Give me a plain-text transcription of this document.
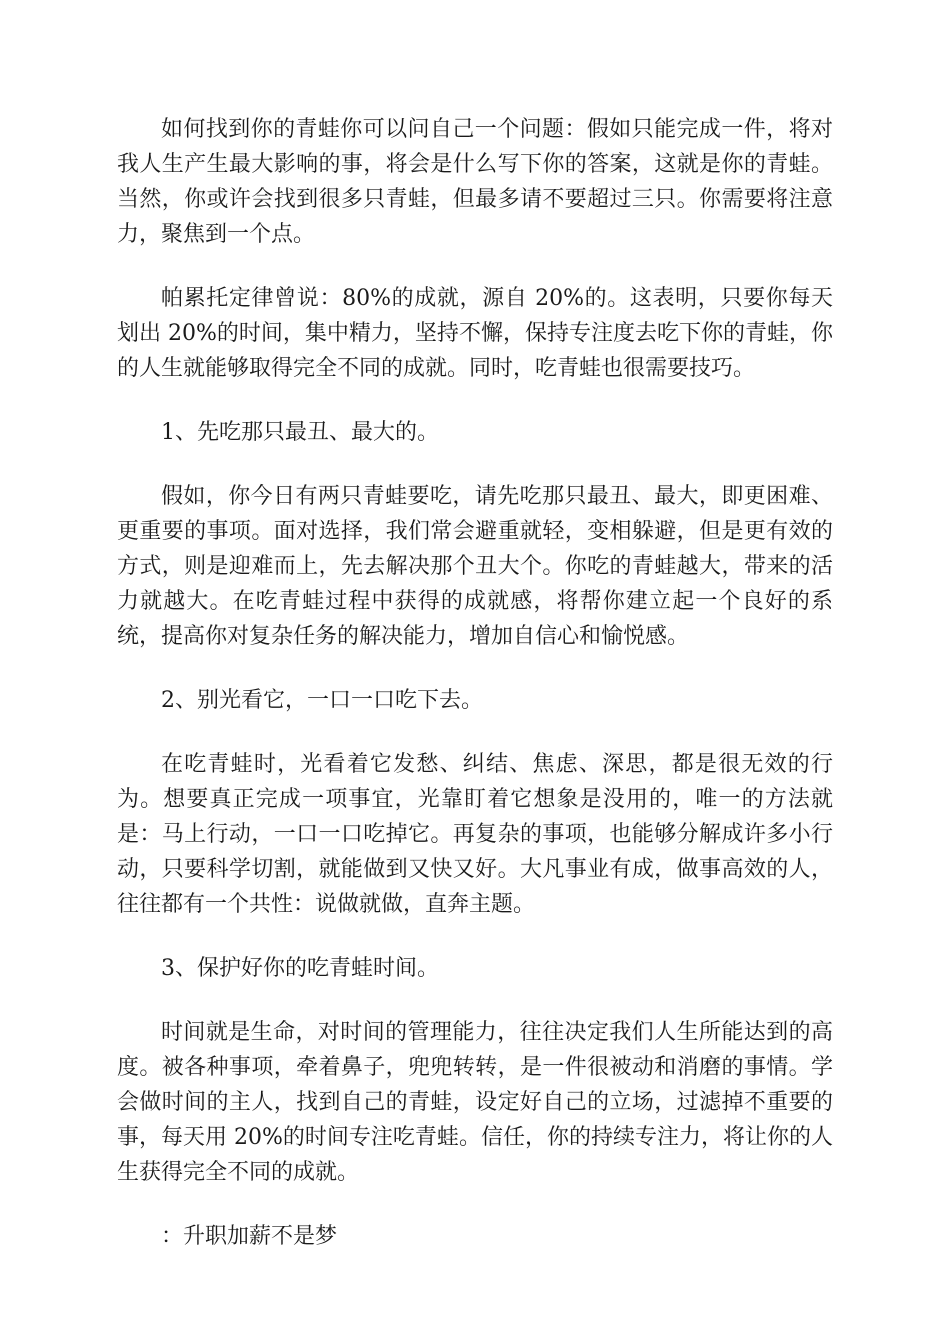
如何找到你的青蛙你可以问自己一个问题：假如只能完成一件，将对我人生产生最大影响的事，将会是什么写下你的答案，这就是你的青蛙。当然，你或许会找到很多只青蛙，但最多请不要超过三只。你需要将注意力，聚焦到一个点。

帕累托定律曾说：80%的成就，源自 20%的。这表明，只要你每天划出 20%的时间，集中精力，坚持不懈，保持专注度去吃下你的青蛙，你的人生就能够取得完全不同的成就。同时，吃青蛙也很需要技巧。

1、先吃那只最丑、最大的。

假如，你今日有两只青蛙要吃，请先吃那只最丑、最大，即更困难、更重要的事项。面对选择，我们常会避重就轻，变相躲避，但是更有效的方式，则是迎难而上，先去解决那个丑大个。你吃的青蛙越大，带来的活力就越大。在吃青蛙过程中获得的成就感，将帮你建立起一个良好的系统，提高你对复杂任务的解决能力，增加自信心和愉悦感。

2、别光看它，一口一口吃下去。

在吃青蛙时，光看着它发愁、纠结、焦虑、深思，都是很无效的行为。想要真正完成一项事宜，光靠盯着它想象是没用的，唯一的方法就是：马上行动，一口一口吃掉它。再复杂的事项，也能够分解成许多小行动，只要科学切割，就能做到又快又好。大凡事业有成，做事高效的人，往往都有一个共性：说做就做，直奔主题。

3、保护好你的吃青蛙时间。

时间就是生命，对时间的管理能力，往往决定我们人生所能达到的高度。被各种事项，牵着鼻子，兜兜转转，是一件很被动和消磨的事情。学会做时间的主人，找到自己的青蛙，设定好自己的立场，过滤掉不重要的事，每天用 20%的时间专注吃青蛙。信任，你的持续专注力，将让你的人生获得完全不同的成就。

：升职加薪不是梦
